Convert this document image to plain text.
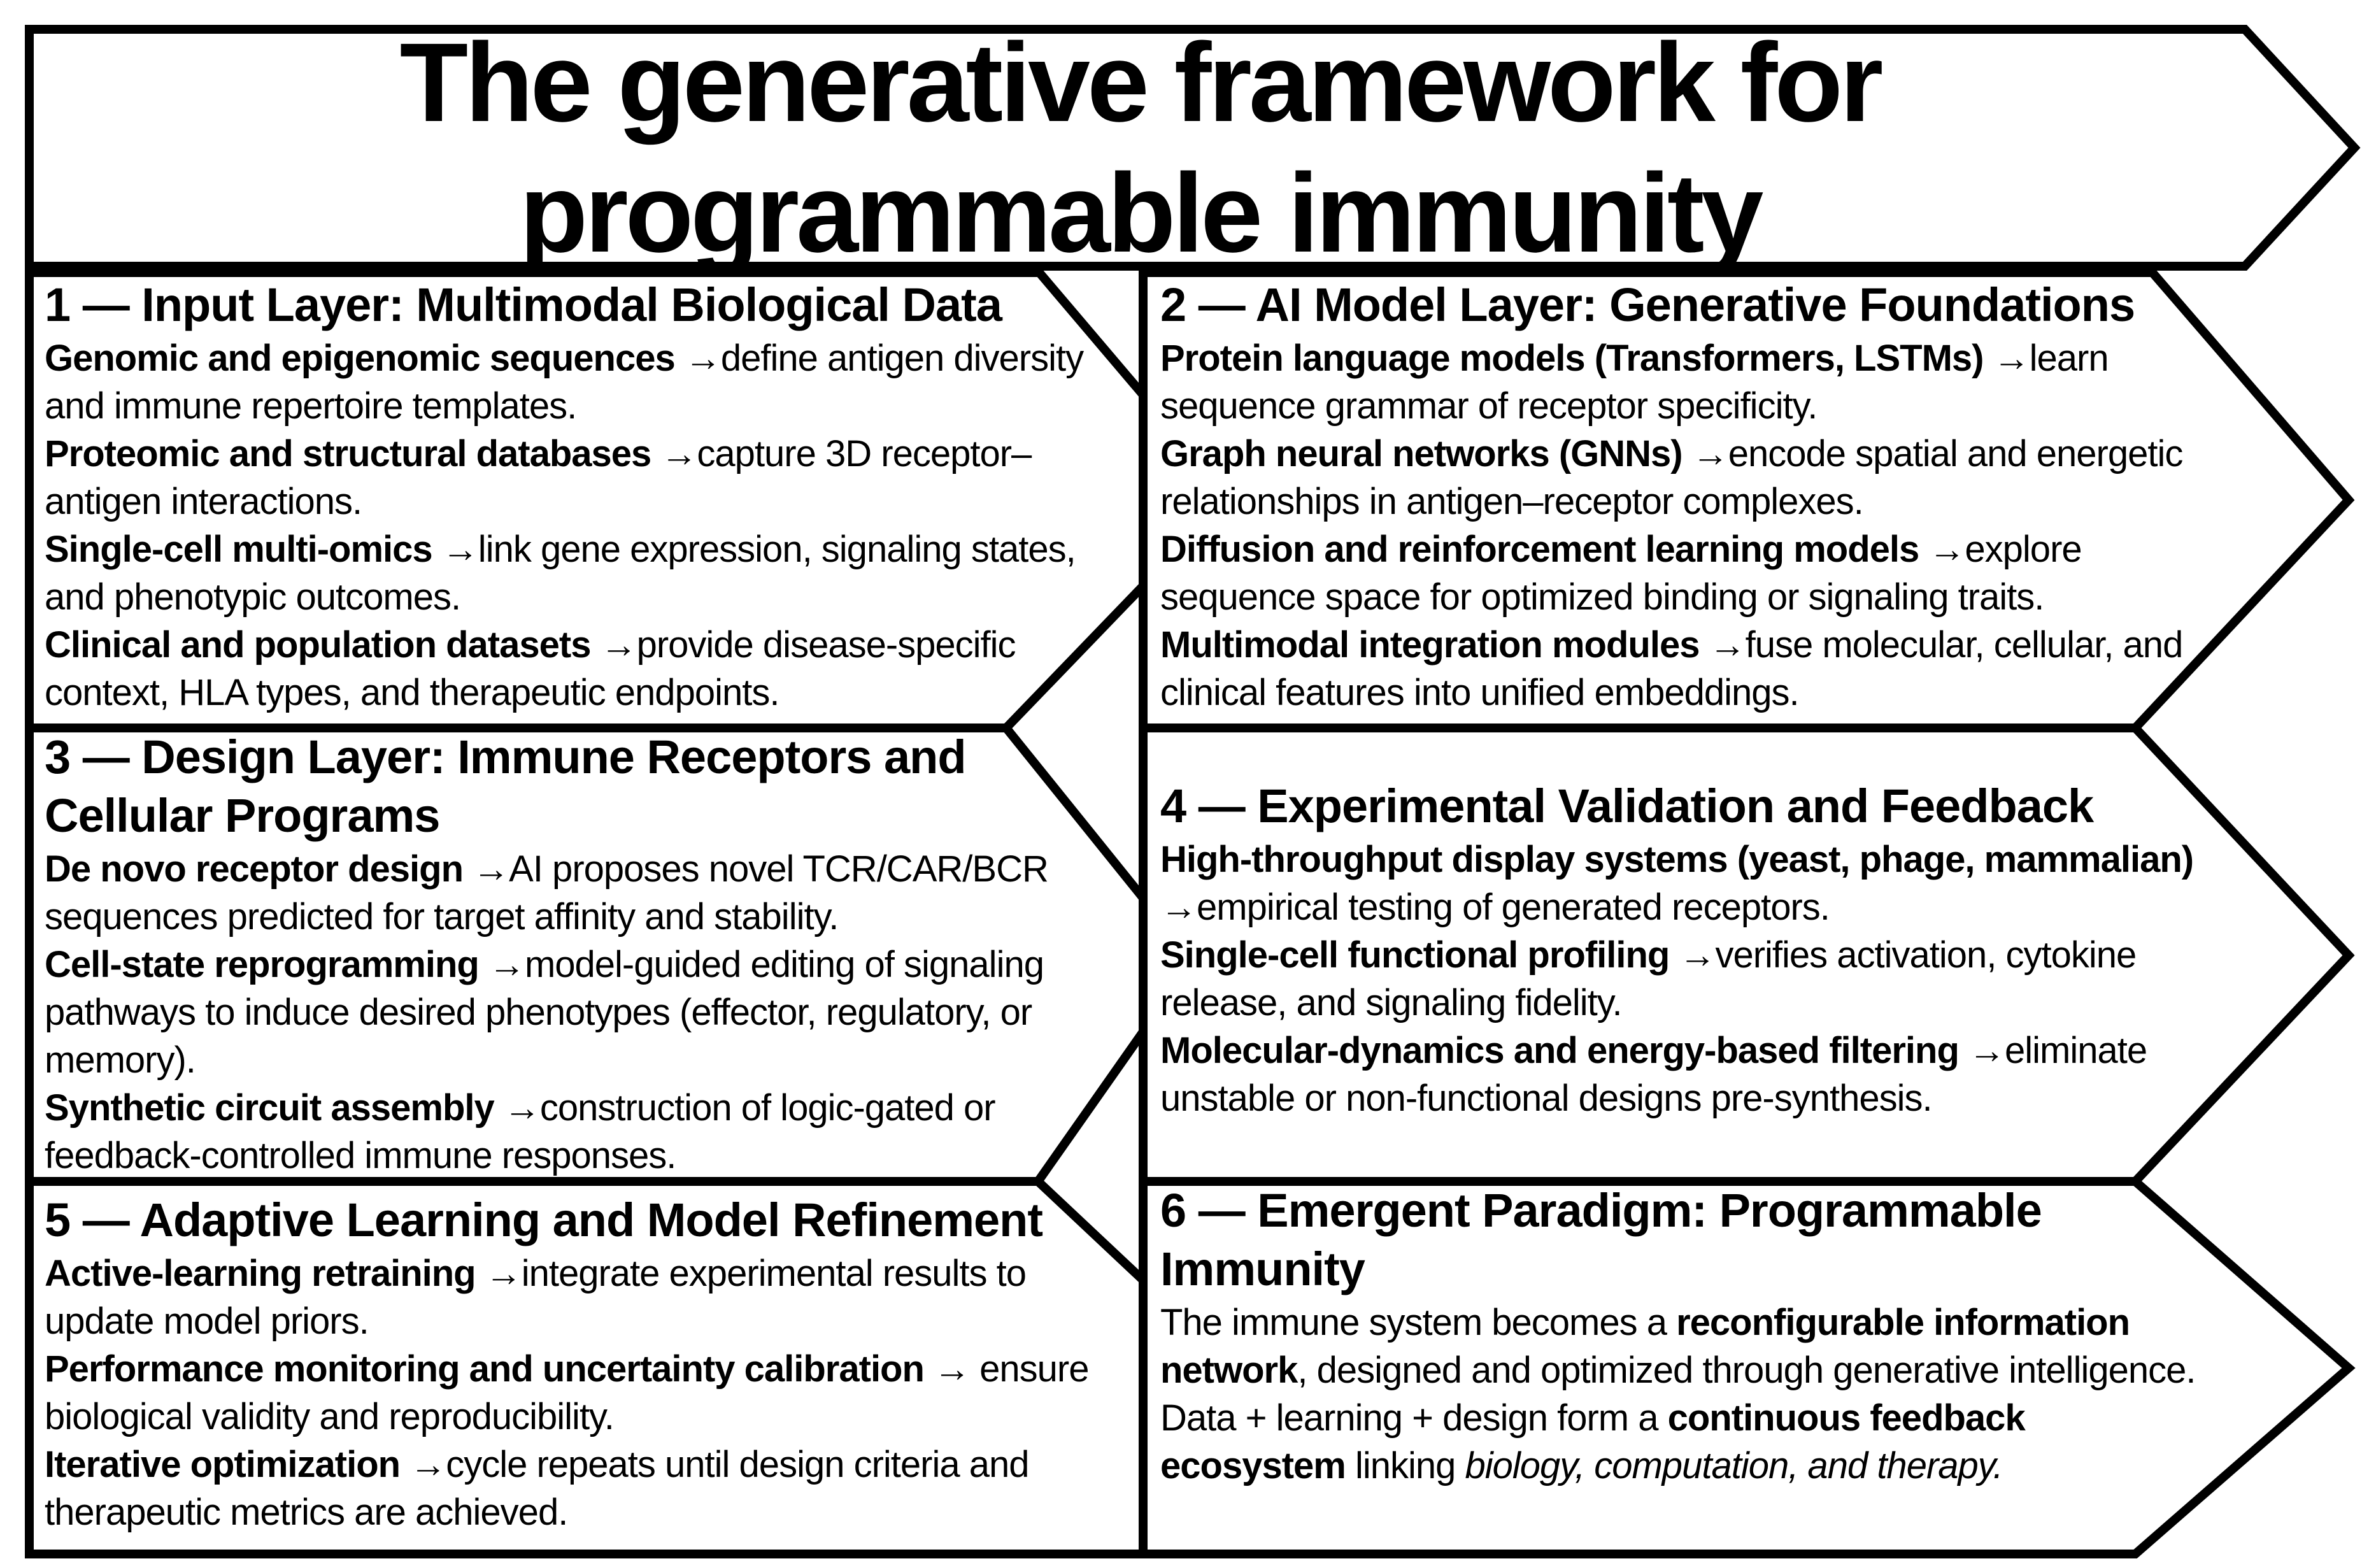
The generative framework for programmable immunity
1 — Input Layer: Multimodal Biological Data

Genomic and epigenomic sequences →define antigen diversity and immune repertoire templates.

Proteomic and structural databases →capture 3D receptor–antigen interactions.

Single-cell multi-omics →link gene expression, signaling states, and phenotypic outcomes.

Clinical and population datasets →provide disease-specific context, HLA types, and therapeutic endpoints.

2 — AI Model Layer: Generative Foundations

Protein language models (Transformers, LSTMs) →learn sequence grammar of receptor specificity.

Graph neural networks (GNNs) →encode spatial and energetic relationships in antigen–receptor complexes.

Diffusion and reinforcement learning models →explore sequence space for optimized binding or signaling traits.

Multimodal integration modules →fuse molecular, cellular, and clinical features into unified embeddings.

3 — Design Layer: Immune Receptors and Cellular Programs

De novo receptor design →AI proposes novel TCR/CAR/BCR sequences predicted for target affinity and stability.

Cell-state reprogramming →model-guided editing of signaling pathways to induce desired phenotypes (effector, regulatory, or memory).

Synthetic circuit assembly →construction of logic-gated or feedback-controlled immune responses.

4 — Experimental Validation and Feedback

High-throughput display systems (yeast, phage, mammalian) →empirical testing of generated receptors.

Single-cell functional profiling →verifies activation, cytokine release, and signaling fidelity.

Molecular-dynamics and energy-based filtering →eliminate unstable or non-functional designs pre-synthesis.

5 — Adaptive Learning and Model Refinement

Active-learning retraining →integrate experimental results to update model priors.

Performance monitoring and uncertainty calibration → ensure biological validity and reproducibility.

Iterative optimization →cycle repeats until design criteria and therapeutic metrics are achieved.

6 — Emergent Paradigm: Programmable Immunity

The immune system becomes a reconfigurable information network, designed and optimized through generative intelligence.

Data + learning + design form a continuous feedback ecosystem linking biology, computation, and therapy.
